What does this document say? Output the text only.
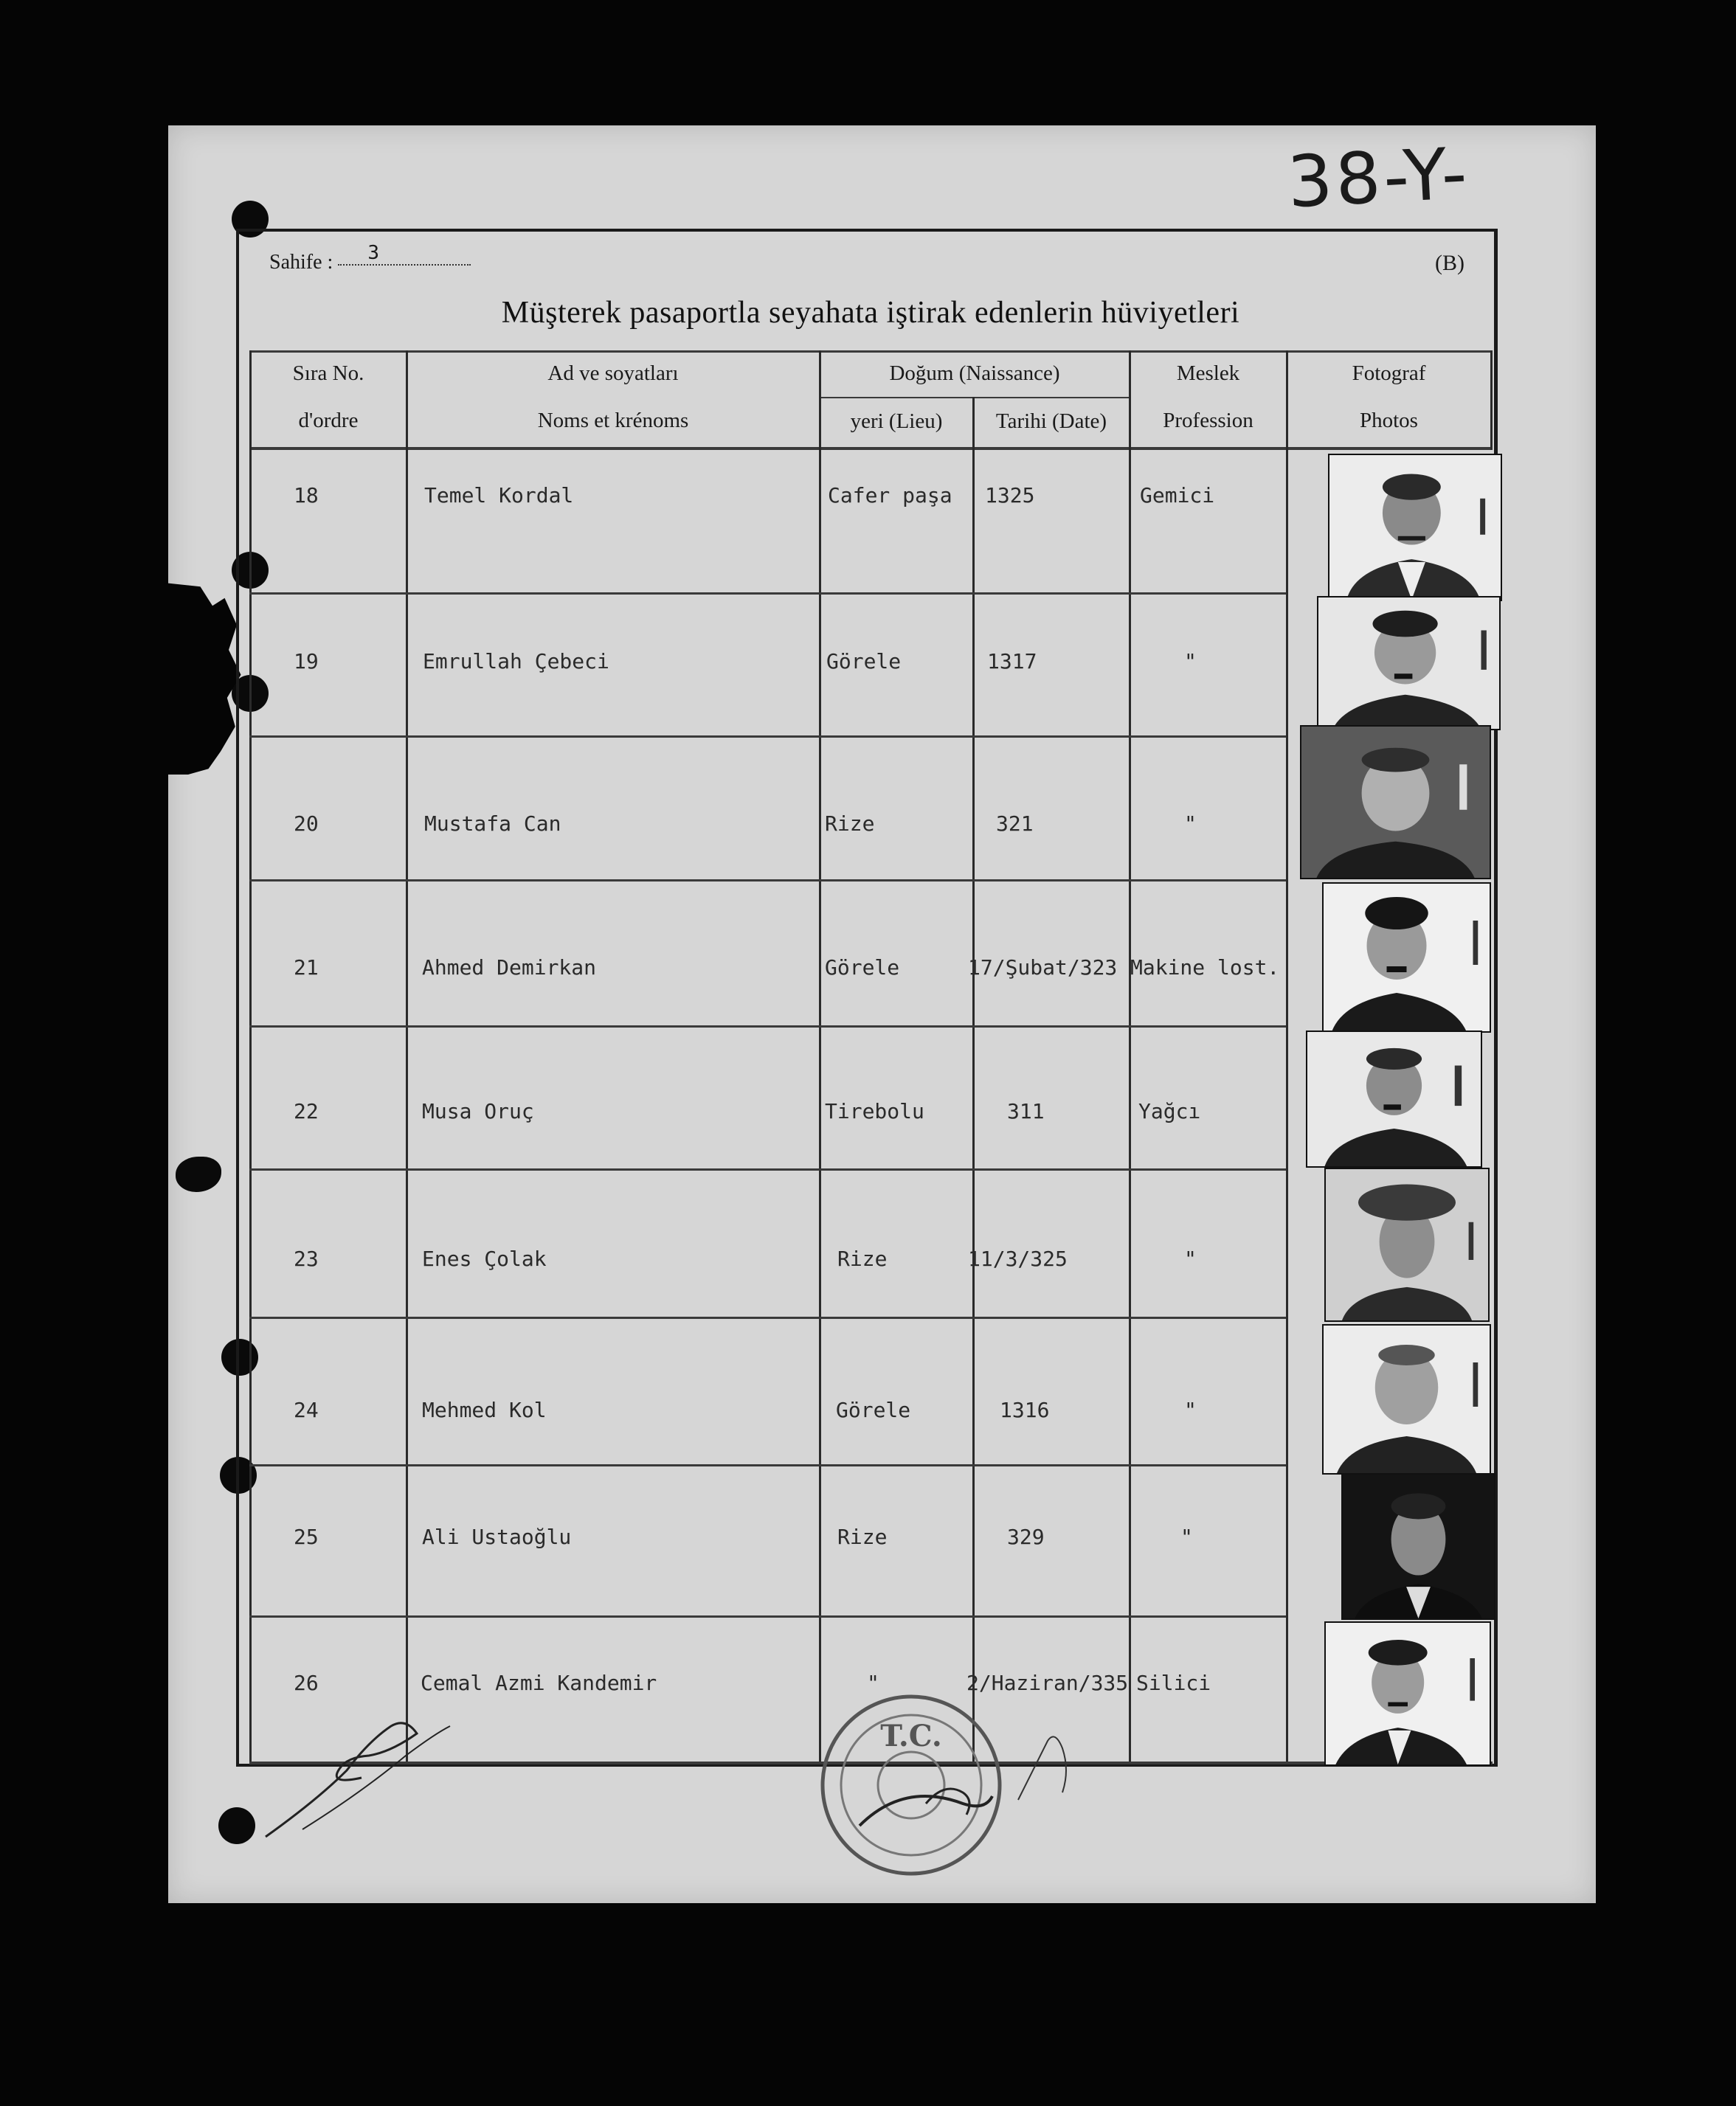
38-Y-
Sahife : 3	(B)
Müşterek pasaportla seyahata iştirak edenlerin hüviyetleri
Sıra No.
d'ordre
Ad ve soyatları
Noms et krénoms
Doğum (Naissance)
yeri (Lieu)	Tarihi (Date)
Meslek
Profession
Fotograf
Photos
18	Temel Kordal	Cafer paşa 1325	Gemici
19	Emrullah Çebeci	Görele	1317	"
20	Mustafa Can	Rize	321	"
21	Ahmed Demirkan	Görele	17/Şubat/323 Makine lost.
22	Musa Oruç	Tirebolu	311	Yağcı
23	Enes Çolak	Rize	11/3/325	"
24	Mehmed Kol	Görele	1316	"
25	Ali Ustaoğlu	Rize	329	"
26	Cemal Azmi Kandemir	"	2/Haziran/335 Silici
T.C.
